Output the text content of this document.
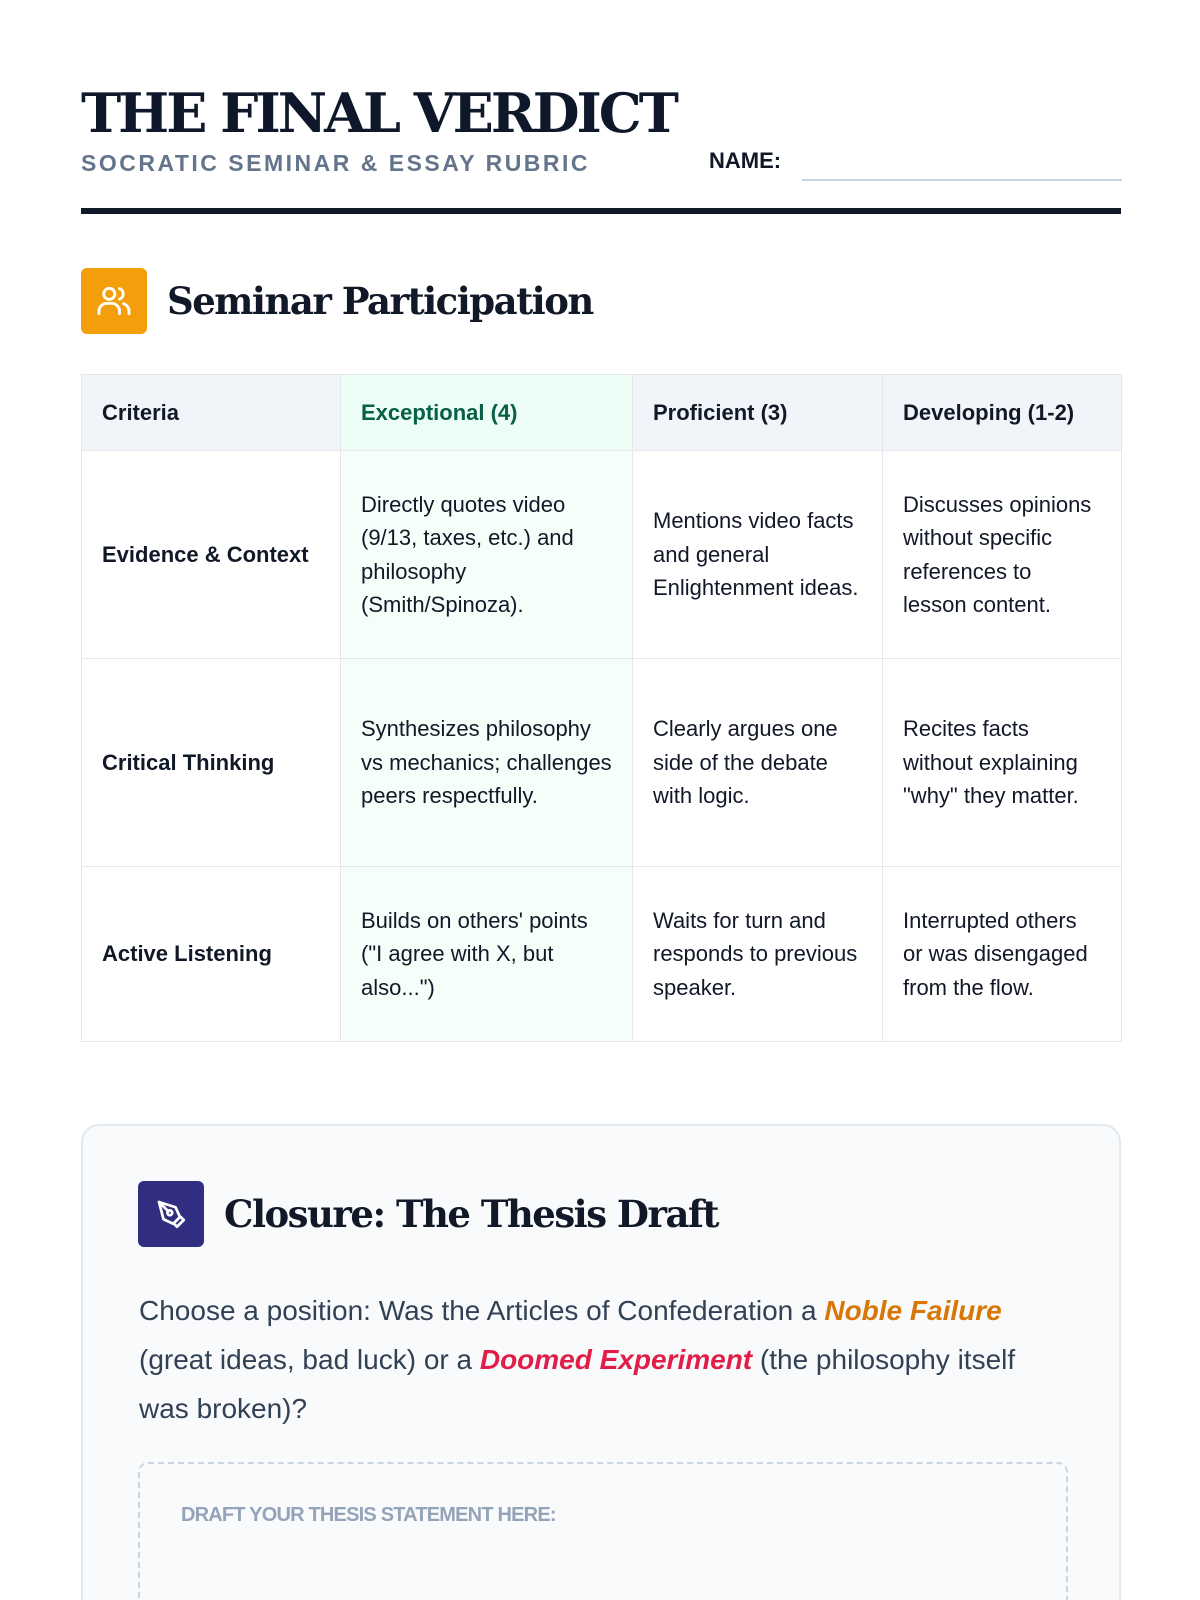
THE FINAL VERDICT
SOCRATIC SEMINAR & ESSAY RUBRIC	NAME:
Seminar Participation
Criteria	Exceptional (4)	Proficient (3)	Developing (1-2)
Evidence & Context	Directly quotes video (9/13, taxes, etc.) and philosophy (Smith/Spinoza).	Mentions video facts and general Enlightenment ideas.	Discusses opinions without specific references to lesson content.
Critical Thinking	Synthesizes philosophy vs mechanics; challenges peers respectfully.	Clearly argues one side of the debate with logic.	Recites facts without explaining "why" they matter.
Active Listening	Builds on others' points ("I agree with X, but also...")	Waits for turn and responds to previous speaker.	Interrupted others or was disengaged from the flow.
Closure: The Thesis Draft

Choose a position: Was the Articles of Confederation a Noble Failure (great ideas, bad luck) or a Doomed Experiment (the philosophy itself was broken)?

DRAFT YOUR THESIS STATEMENT HERE:
